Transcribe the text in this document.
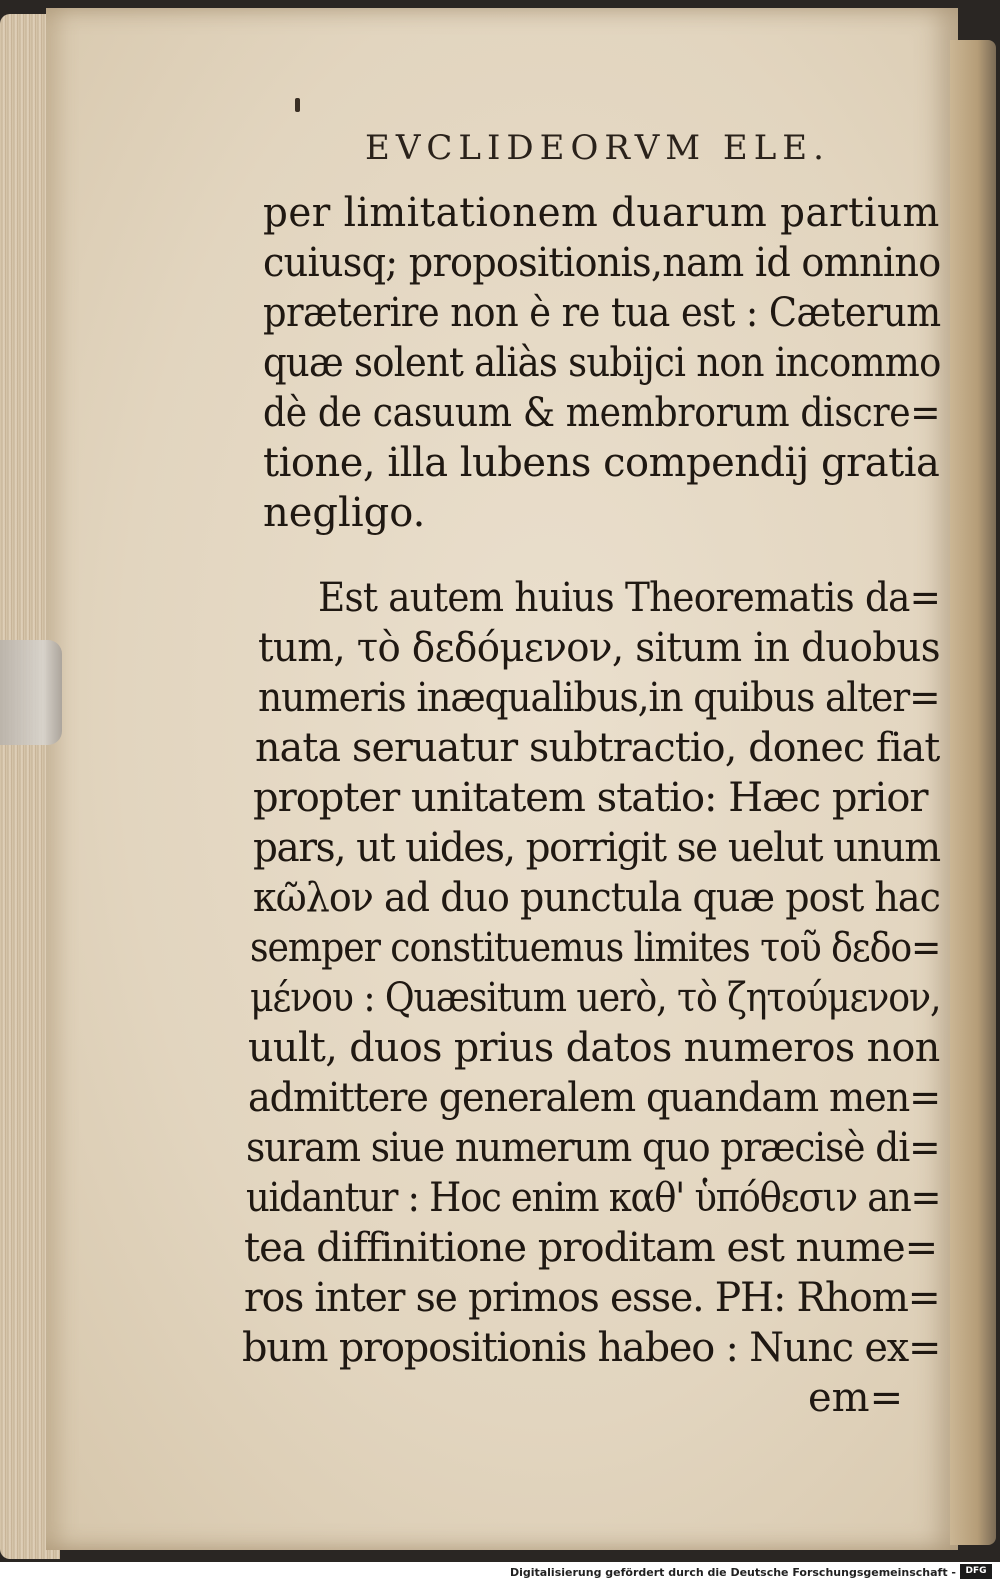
EVCLIDEORVM ELE.
per limitationem duarum partium
cuiusq; propositionis,nam id omnino
præterire non è re tua est : Cæterum
quæ solent aliàs subijci non incommo
dè de casuum & membrorum discre=
tione, illa lubens compendij gratia
negligo.
Est autem huius Theorematis da=
tum, τὸ δεδόμενον, situm in duobus
numeris inæqualibus,in quibus alter=
nata seruatur subtractio, donec fiat
propter unitatem statio: Hæc prior
pars, ut uides, porrigit se uelut unum
κῶλον ad duo punctula quæ post hac
semper constituemus limites τοῦ δεδο=
μένου : Quæsitum uerò, τὸ ζητούμενον,
uult, duos prius datos numeros non
admittere generalem quandam men=
suram siue numerum quo præcisè di=
uidantur : Hoc enim καθ' ὑπόθεσιν an=
tea diffinitione proditam est nume=
ros inter se primos esse. PH: Rhom=
bum propositionis habeo : Nunc ex=
em=
Digitalisierung gefördert durch die Deutsche Forschungsgemeinschaft -	DFG
